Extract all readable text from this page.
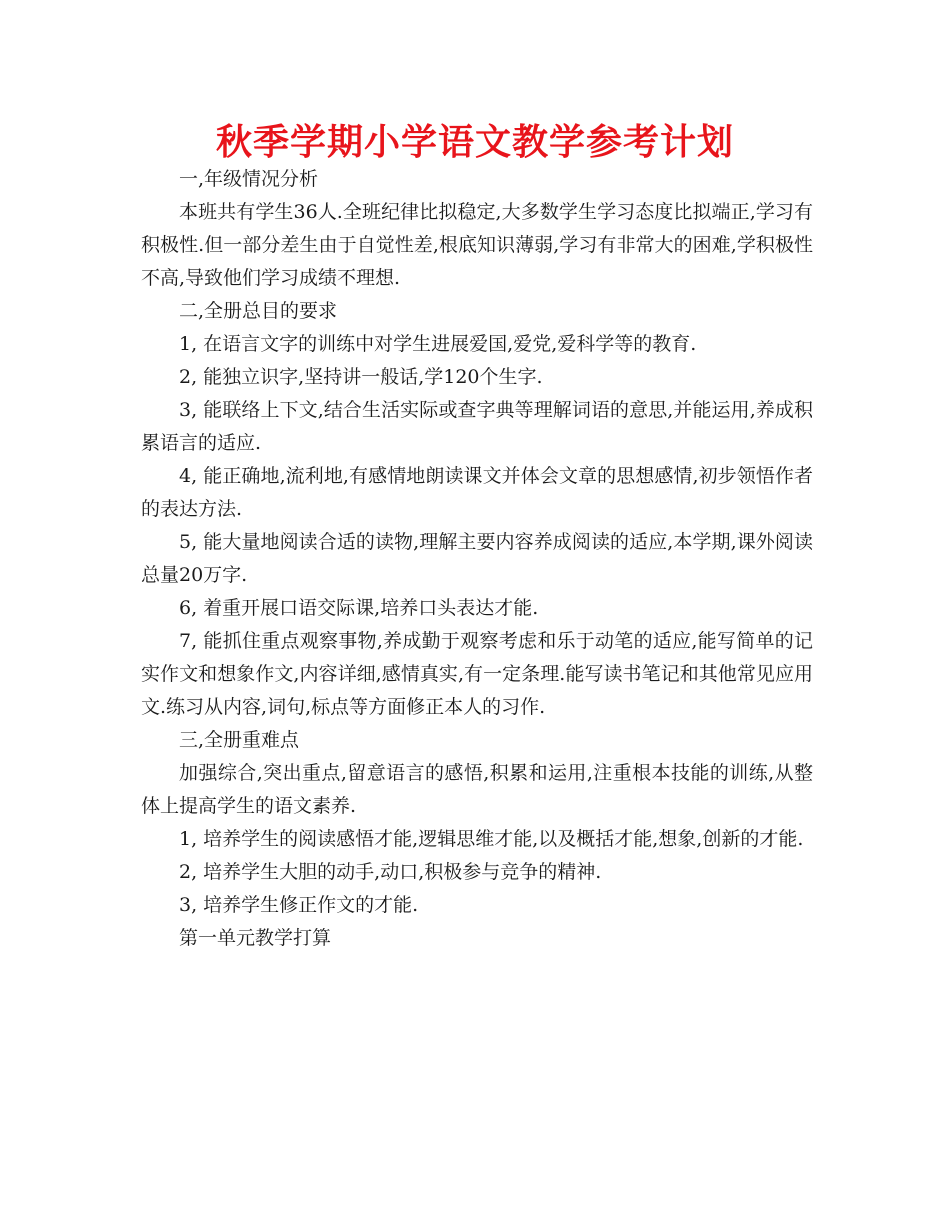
秋季学期小学语文教学参考计划

一,年级情况分析

本班共有学生36人.全班纪律比拟稳定,大多数学生学习态度比拟端正,学习有积极性.但一部分差生由于自觉性差,根底知识薄弱,学习有非常大的困难,学积极性不高,导致他们学习成绩不理想.

二,全册总目的要求

1, 在语言文字的训练中对学生进展爱国,爱党,爱科学等的教育.

2, 能独立识字,坚持讲一般话,学120个生字.

3, 能联络上下文,结合生活实际或查字典等理解词语的意思,并能运用,养成积累语言的适应.

4, 能正确地,流利地,有感情地朗读课文并体会文章的思想感情,初步领悟作者的表达方法.

5, 能大量地阅读合适的读物,理解主要内容养成阅读的适应,本学期,课外阅读总量20万字.

6, 着重开展口语交际课,培养口头表达才能.

7, 能抓住重点观察事物,养成勤于观察考虑和乐于动笔的适应,能写简单的记实作文和想象作文,内容详细,感情真实,有一定条理.能写读书笔记和其他常见应用文.练习从内容,词句,标点等方面修正本人的习作.

三,全册重难点

加强综合,突出重点,留意语言的感悟,积累和运用,注重根本技能的训练,从整体上提高学生的语文素养.

1, 培养学生的阅读感悟才能,逻辑思维才能,以及概括才能,想象,创新的才能.

2, 培养学生大胆的动手,动口,积极参与竞争的精神.

3, 培养学生修正作文的才能.

第一单元教学打算
